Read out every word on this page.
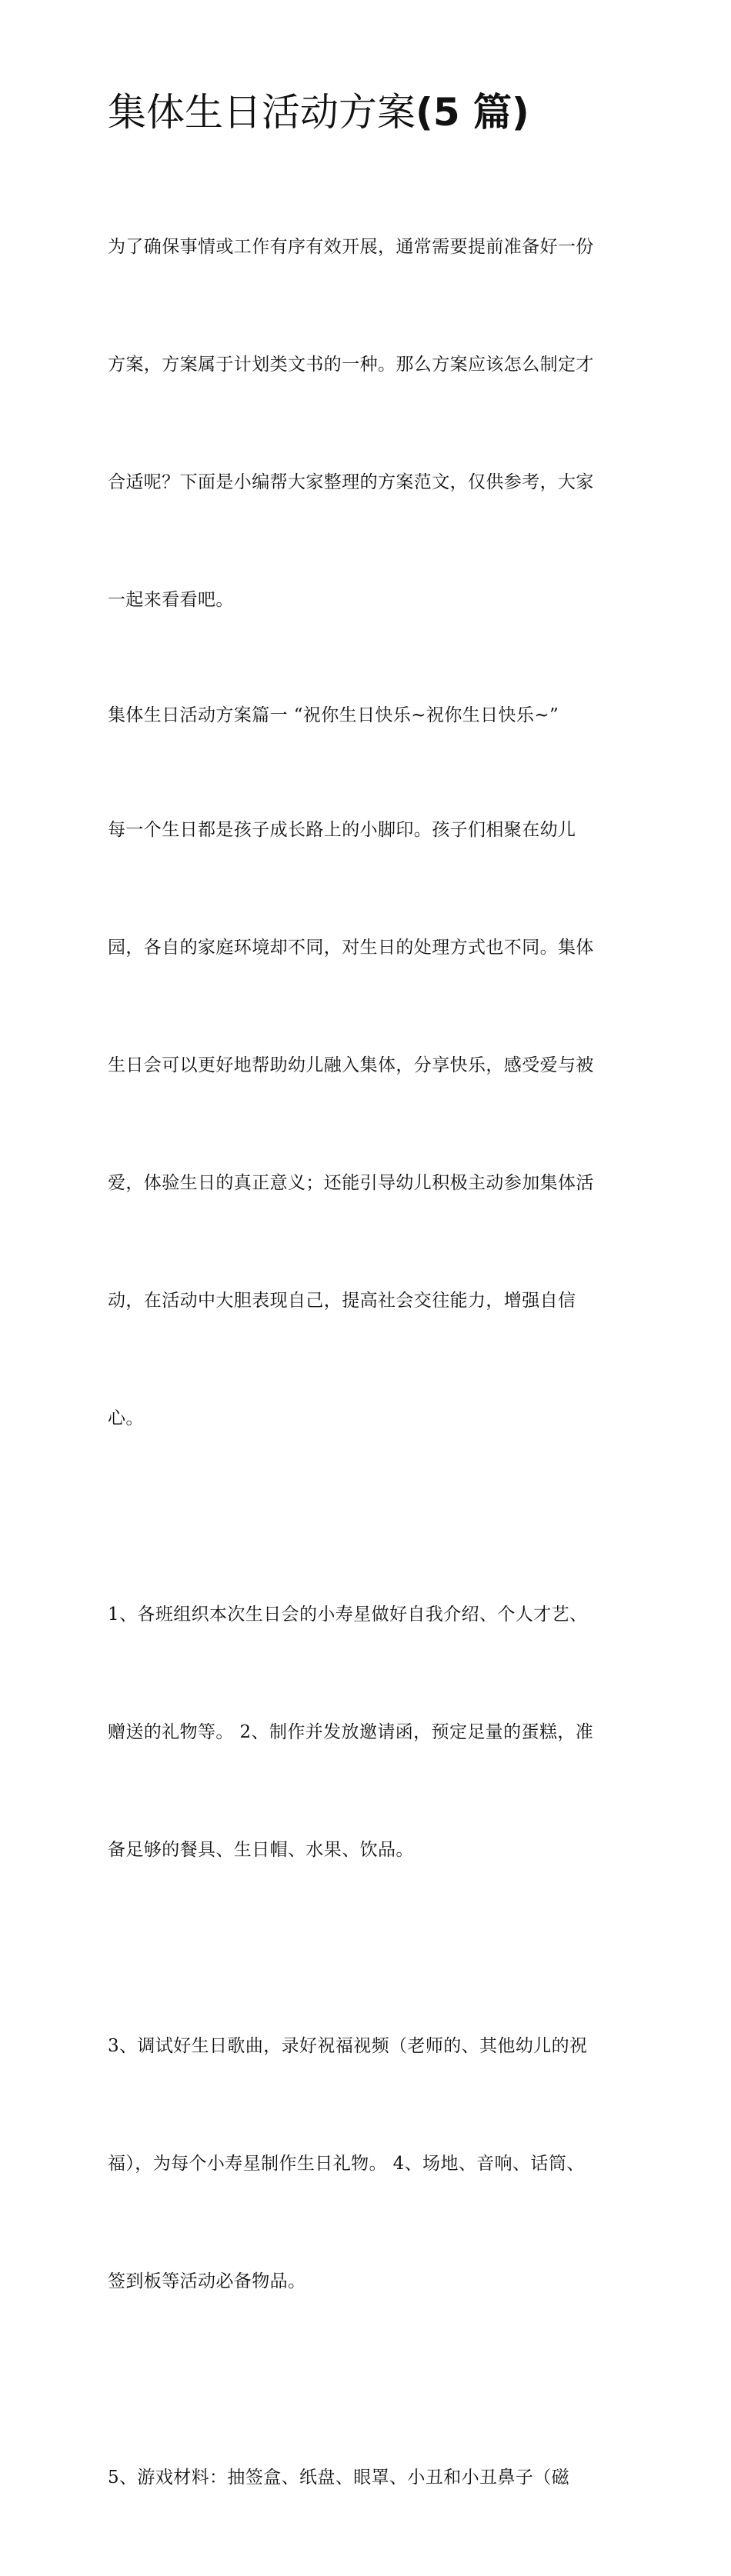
集体生日活动方案(5 篇)

为了确保事情或工作有序有效开展，通常需要提前准备好一份

方案，方案属于计划类文书的一种。那么方案应该怎么制定才

合适呢？下面是小编帮大家整理的方案范文，仅供参考，大家

一起来看看吧。

集体生日活动方案篇一 “祝你生日快乐~祝你生日快乐~”

每一个生日都是孩子成长路上的小脚印。孩子们相聚在幼儿

园，各自的家庭环境却不同，对生日的处理方式也不同。集体

生日会可以更好地帮助幼儿融入集体，分享快乐，感受爱与被

爱，体验生日的真正意义；还能引导幼儿积极主动参加集体活

动，在活动中大胆表现自己，提高社会交往能力，增强自信

心。

1、各班组织本次生日会的小寿星做好自我介绍、个人才艺、

赠送的礼物等。 2、制作并发放邀请函，预定足量的蛋糕，准

备足够的餐具、生日帽、水果、饮品。

3、调试好生日歌曲，录好祝福视频（老师的、其他幼儿的祝

福），为每个小寿星制作生日礼物。 4、场地、音响、话筒、

签到板等活动必备物品。

5、游戏材料：抽签盒、纸盘、眼罩、小丑和小丑鼻子（磁
